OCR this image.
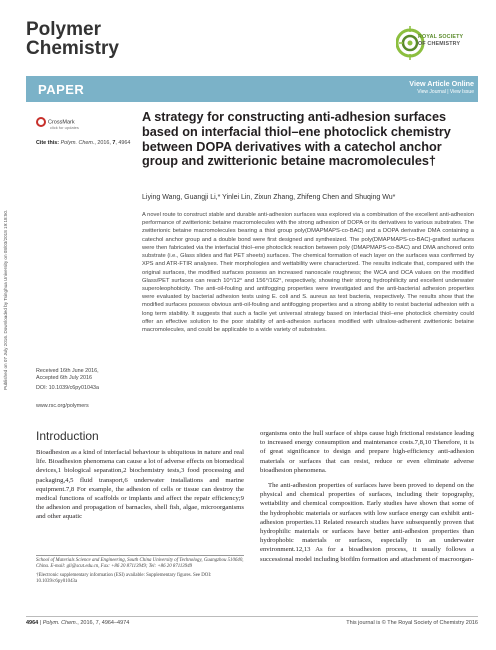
Polymer
Chemistry
ROYAL SOCIETY
OF CHEMISTRY
PAPER	View Article Online
View Journal | View Issue
CrossMark
click for updates
Cite this: Polym. Chem., 2016, 7, 4964
Published on 07 July 2016. Downloaded by Tsinghua University on 08/03/2018 19:18:50.
A strategy for constructing anti-adhesion surfaces based on interfacial thiol–ene photoclick chemistry between DOPA derivatives with a catechol anchor group and zwitterionic betaine macromolecules†
Liying Wang, Guangji Li,* Yinlei Lin, Zixun Zhang, Zhifeng Chen and Shuqing Wu*
A novel route to construct stable and durable anti-adhesion surfaces was explored via a combination of the excellent anti-adhesion performance of zwitterionic betaine macromolecules with the strong adhesion of DOPA or its derivatives to various substrates. The zwitterionic betaine macromolecules bearing a thiol group poly(DMAPMAPS-co-BAC) and a DOPA derivative DMA containing a catechol anchor group and a double bond were first designed and synthesized. The poly(DMAPMAPS-co-BAC)-grafted surfaces were then fabricated via the interfacial thiol–ene photoclick reaction between poly (DMAPMAPS-co-BAC) and DMA anchored onto substrate (i.e., Glass slides and flat PET sheets) surfaces. The chemical formation of each layer on the surfaces was confirmed by XPS and ATR-FTIR analyses. Their morphologies and wettability were characterized. The results indicate that, compared with the original surfaces, the modified surfaces possess an increased nanoscale roughness; the WCA and OCA values on the modified Glass/PET surfaces can reach 10°/12° and 156°/162°, respectively, showing their strong hydrophilicity and excellent underwater superoleophobicity. The anti-oil-fouling and antifogging properties were investigated and the anti-bacterial adhesion properties were evaluated by bacterial adhesion tests using E. coli and S. aureus as test bacteria, respectively. The results show that the modified surfaces possess obvious anti-oil-fouling and antifogging properties and a strong ability to resist bacterial adhesion with a long term stability. It suggests that such a facile yet universal strategy based on interfacial thiol–ene photoclick chemistry could offer an effective solution to the poor stability of anti-adhesion surfaces modified with ultralow-adherent zwitterionic betaine macromolecules, and could be applicable to a wide variety of substrates.
Received 16th June 2016,
Accepted 6th July 2016
DOI: 10.1039/c6py01043a
www.rsc.org/polymers
Introduction

Bioadhesion as a kind of interfacial behaviour is ubiquitous in nature and real life. Bioadhesion phenomena can cause a lot of adverse effects on biomedical devices,1 biological separation,2 biochemistry tests,3 food processing and packaging,4,5 fluid transport,6 underwater installations and marine equipment.7,8 For example, the adhesion of cells or tissue can destroy the medical functions of scaffolds or implants and affect the repair efficiency;9 the adhesion and propagation of barnacles, shell fish, algae, microorganisms and other aquatic

School of Materials Science and Engineering, South China University of Technology, Guangzhou 510640, China. E-mail: gli@scut.edu.cn, Fax: +86 20 87113949; Tel: +86 20 87113949

†Electronic supplementary information (ESI) available: Supplementary figures. See DOI: 10.1039/c6py01043a

organisms onto the hull surface of ships cause high frictional resistance leading to increased energy consumption and maintenance costs.7,8,10 Therefore, it is of great significance to design and prepare high-efficiency anti-adhesion materials or surfaces that can resist, reduce or even eliminate adverse bioadhesion phenomena.

The anti-adhesion properties of surfaces have been proved to depend on the physical and chemical properties of surfaces, including their topography, wettability and chemical composition. Early studies have shown that some of the hydrophobic materials or surfaces with low surface energy can exhibit anti-adhesion properties.11 Related research studies have subsequently proven that hydrophilic materials or surfaces have better anti-adhesion properties than hydrophobic materials or surfaces, especially in an underwater environment.12,13 As for a bioadhesion process, it usually follows a successional model including biofilm formation and attachment of macroorgan-

4964 | Polym. Chem., 2016, 7, 4964–4974	This journal is © The Royal Society of Chemistry 2016
